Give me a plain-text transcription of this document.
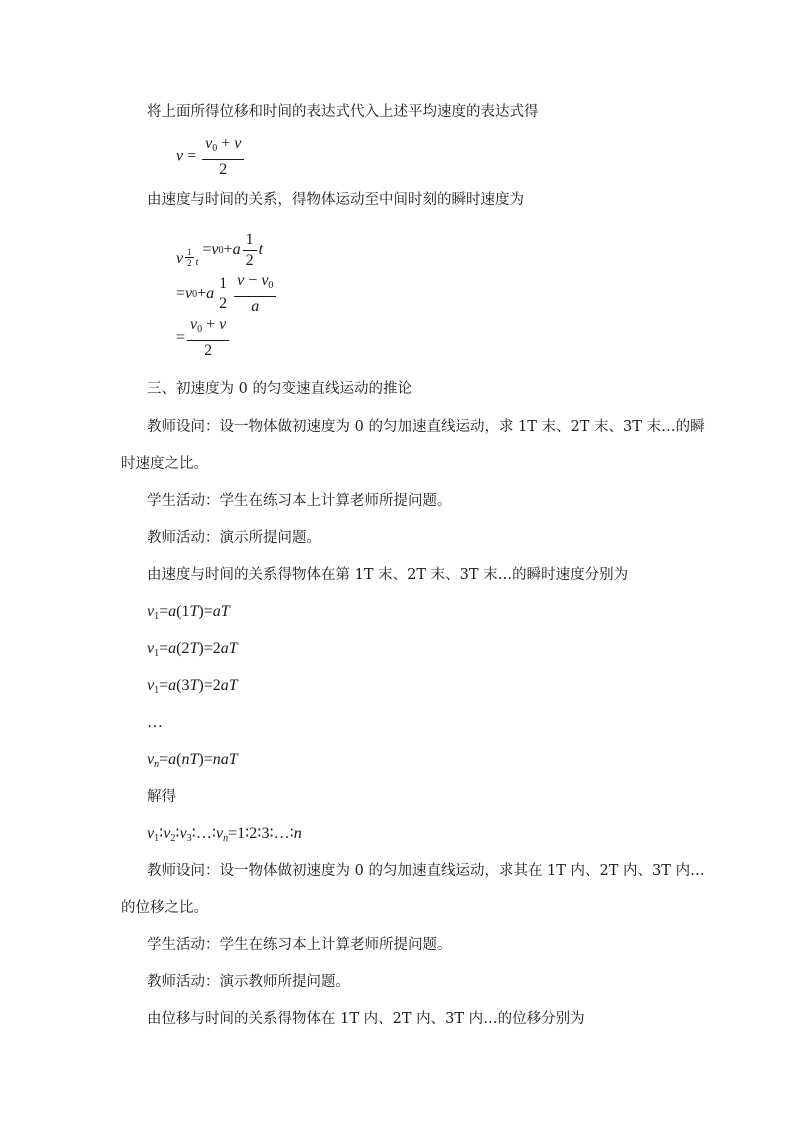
将上面所得位移和时间的表达式代入上述平均速度的表达式得
$v = \frac{v_0 + v}{2}$
由速度与时间的关系，得物体运动至中间时刻的瞬时速度为
v $\frac{1}{2}$ t
= v 0 + a $\frac{1}{2}$ t
= v 0 + a
1
$2 \frac{v - v_0}{a}$
= $\frac{v_0 + v}{2}$
三、初速度为 0 的匀变速直线运动的推论
教师设问：设一物体做初速度为 0 的匀加速直线运动，求 1T 末、2T 末、3T 末…的瞬
时速度之比。
学生活动：学生在练习本上计算老师所提问题。
教师活动：演示所提问题。
由速度与时间的关系得物体在第 1T 末、2T 末、3T 末…的瞬时速度分别为
$v_1=a(1T)=aT$
$v_1=a(2T)=2aT$
$v_1=a(3T)=2aT$
…
$v_n=a(nT)=naT$
解得
$v_1∶v_2∶v_3∶\dots∶v_n=1∶2∶3∶\dots∶n$
教师设问：设一物体做初速度为 0 的匀加速直线运动，求其在 1T 内、2T 内、3T 内…
的位移之比。
学生活动：学生在练习本上计算老师所提问题。
教师活动：演示教师所提问题。
由位移与时间的关系得物体在 1T 内、2T 内、3T 内…的位移分别为
